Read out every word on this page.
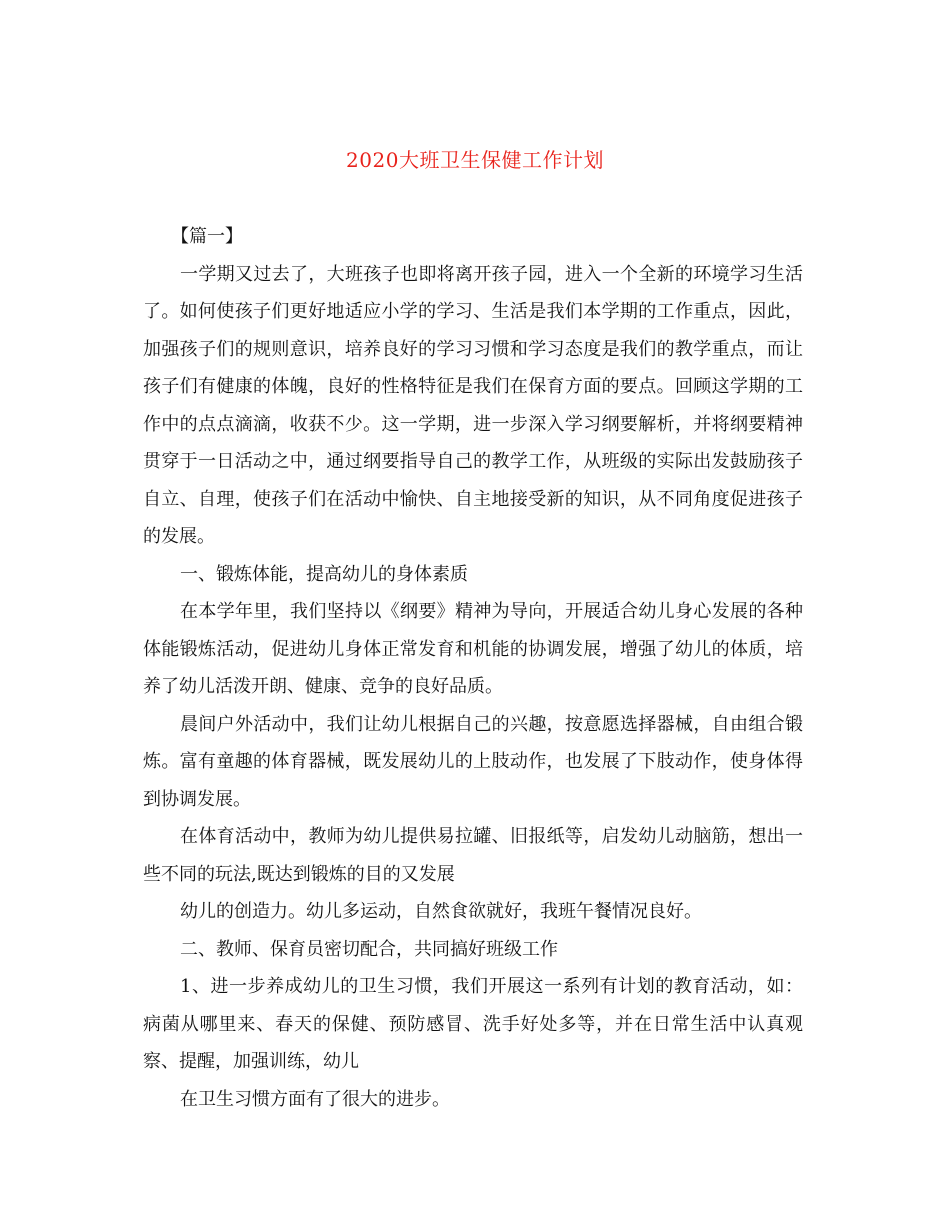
2020大班卫生保健工作计划

【篇一】

一学期又过去了，大班孩子也即将离开孩子园，进入一个全新的环境学习生活了。如何使孩子们更好地适应小学的学习、生活是我们本学期的工作重点，因此，加强孩子们的规则意识，培养良好的学习习惯和学习态度是我们的教学重点，而让孩子们有健康的体魄，良好的性格特征是我们在保育方面的要点。回顾这学期的工作中的点点滴滴，收获不少。这一学期，进一步深入学习纲要解析，并将纲要精神贯穿于一日活动之中，通过纲要指导自己的教学工作，从班级的实际出发鼓励孩子自立、自理，使孩子们在活动中愉快、自主地接受新的知识，从不同角度促进孩子的发展。

一、锻炼体能，提高幼儿的身体素质

在本学年里，我们坚持以《纲要》精神为导向，开展适合幼儿身心发展的各种体能锻炼活动，促进幼儿身体正常发育和机能的协调发展，增强了幼儿的体质，培养了幼儿活泼开朗、健康、竞争的良好品质。

晨间户外活动中，我们让幼儿根据自己的兴趣，按意愿选择器械，自由组合锻炼。富有童趣的体育器械，既发展幼儿的上肢动作，也发展了下肢动作，使身体得到协调发展。

在体育活动中，教师为幼儿提供易拉罐、旧报纸等，启发幼儿动脑筋，想出一些不同的玩法,既达到锻炼的目的又发展

幼儿的创造力。幼儿多运动，自然食欲就好，我班午餐情况良好。

二、教师、保育员密切配合，共同搞好班级工作

1、进一步养成幼儿的卫生习惯，我们开展这一系列有计划的教育活动，如：病菌从哪里来、春天的保健、预防感冒、洗手好处多等，并在日常生活中认真观察、提醒，加强训练，幼儿

在卫生习惯方面有了很大的进步。
